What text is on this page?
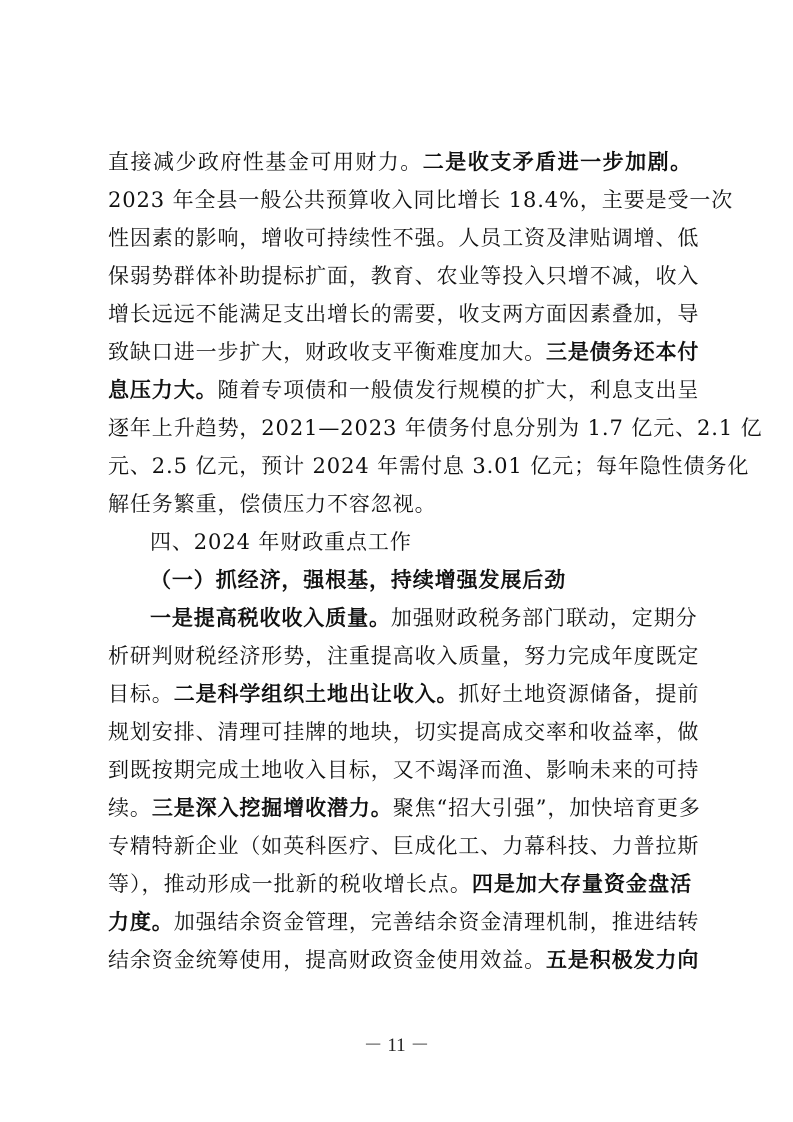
直接减少政府性基金可用财力。二是收支矛盾进一步加剧。
2023 年全县一般公共预算收入同比增长 18.4%，主要是受一次
性因素的影响，增收可持续性不强。人员工资及津贴调增、低
保弱势群体补助提标扩面，教育、农业等投入只增不减，收入
增长远远不能满足支出增长的需要，收支两方面因素叠加，导
致缺口进一步扩大，财政收支平衡难度加大。三是债务还本付
息压力大。随着专项债和一般债发行规模的扩大，利息支出呈
逐年上升趋势，2021—2023 年债务付息分别为 1.7 亿元、2.1 亿
元、2.5 亿元，预计 2024 年需付息 3.01 亿元；每年隐性债务化
解任务繁重，偿债压力不容忽视。
四、2024 年财政重点工作
（一）抓经济，强根基，持续增强发展后劲
一是提高税收收入质量。加强财政税务部门联动，定期分
析研判财税经济形势，注重提高收入质量，努力完成年度既定
目标。二是科学组织土地出让收入。抓好土地资源储备，提前
规划安排、清理可挂牌的地块，切实提高成交率和收益率，做
到既按期完成土地收入目标，又不竭泽而渔、影响未来的可持
续。三是深入挖掘增收潜力。聚焦“招大引强”，加快培育更多
专精特新企业（如英科医疗、巨成化工、力幕科技、力普拉斯
等），推动形成一批新的税收增长点。四是加大存量资金盘活
力度。加强结余资金管理，完善结余资金清理机制，推进结转
结余资金统筹使用，提高财政资金使用效益。五是积极发力向
－ 11 －
